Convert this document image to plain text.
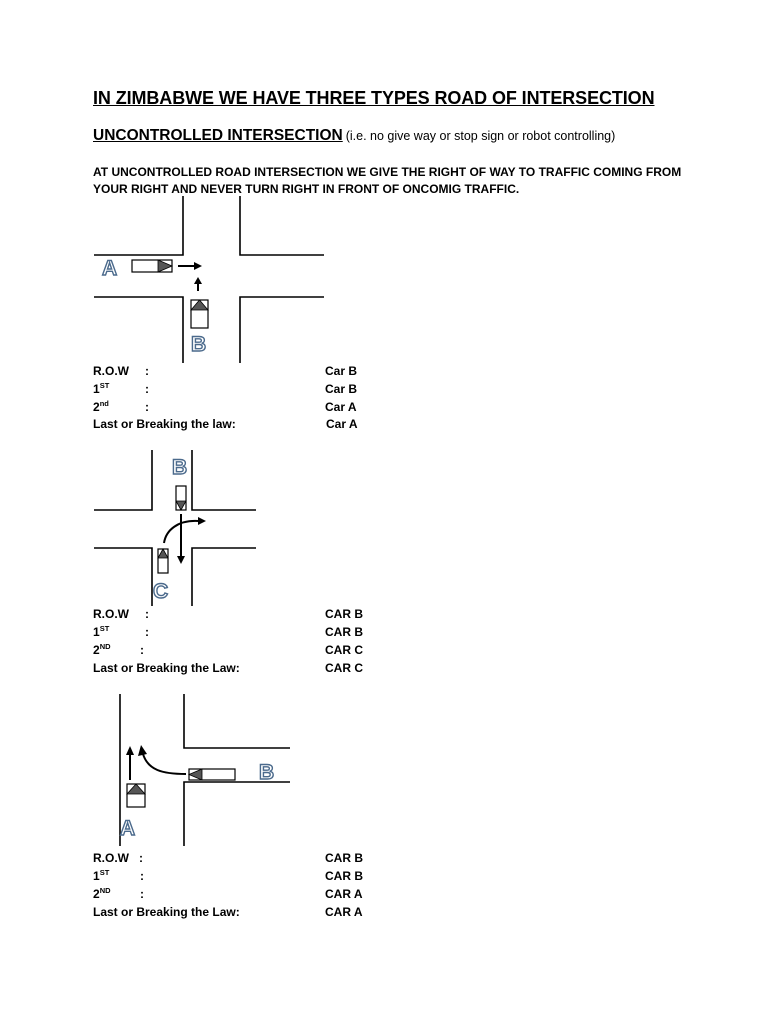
IN ZIMBABWE WE HAVE THREE TYPES ROAD OF INTERSECTION
UNCONTROLLED INTERSECTION (i.e. no give way or stop sign or robot controlling)
AT UNCONTROLLED ROAD INTERSECTION WE GIVE THE RIGHT OF WAY TO TRAFFIC COMING FROM YOUR RIGHT AND NEVER TURN RIGHT IN FRONT OF ONCOMIG TRAFFIC.
A
B
R.O.W :	Car B
1ST	:	Car B
2nd	:	Car A
Last or Breaking the law:	Car A
B
C
R.O.W :	CAR B
1ST	:	CAR B
2ND :	CAR C
Last or Breaking the Law:	CAR C
A
B
R.O.W :	CAR B
1ST	:	CAR B
2ND :	CAR A
Last or Breaking the Law:	CAR A
